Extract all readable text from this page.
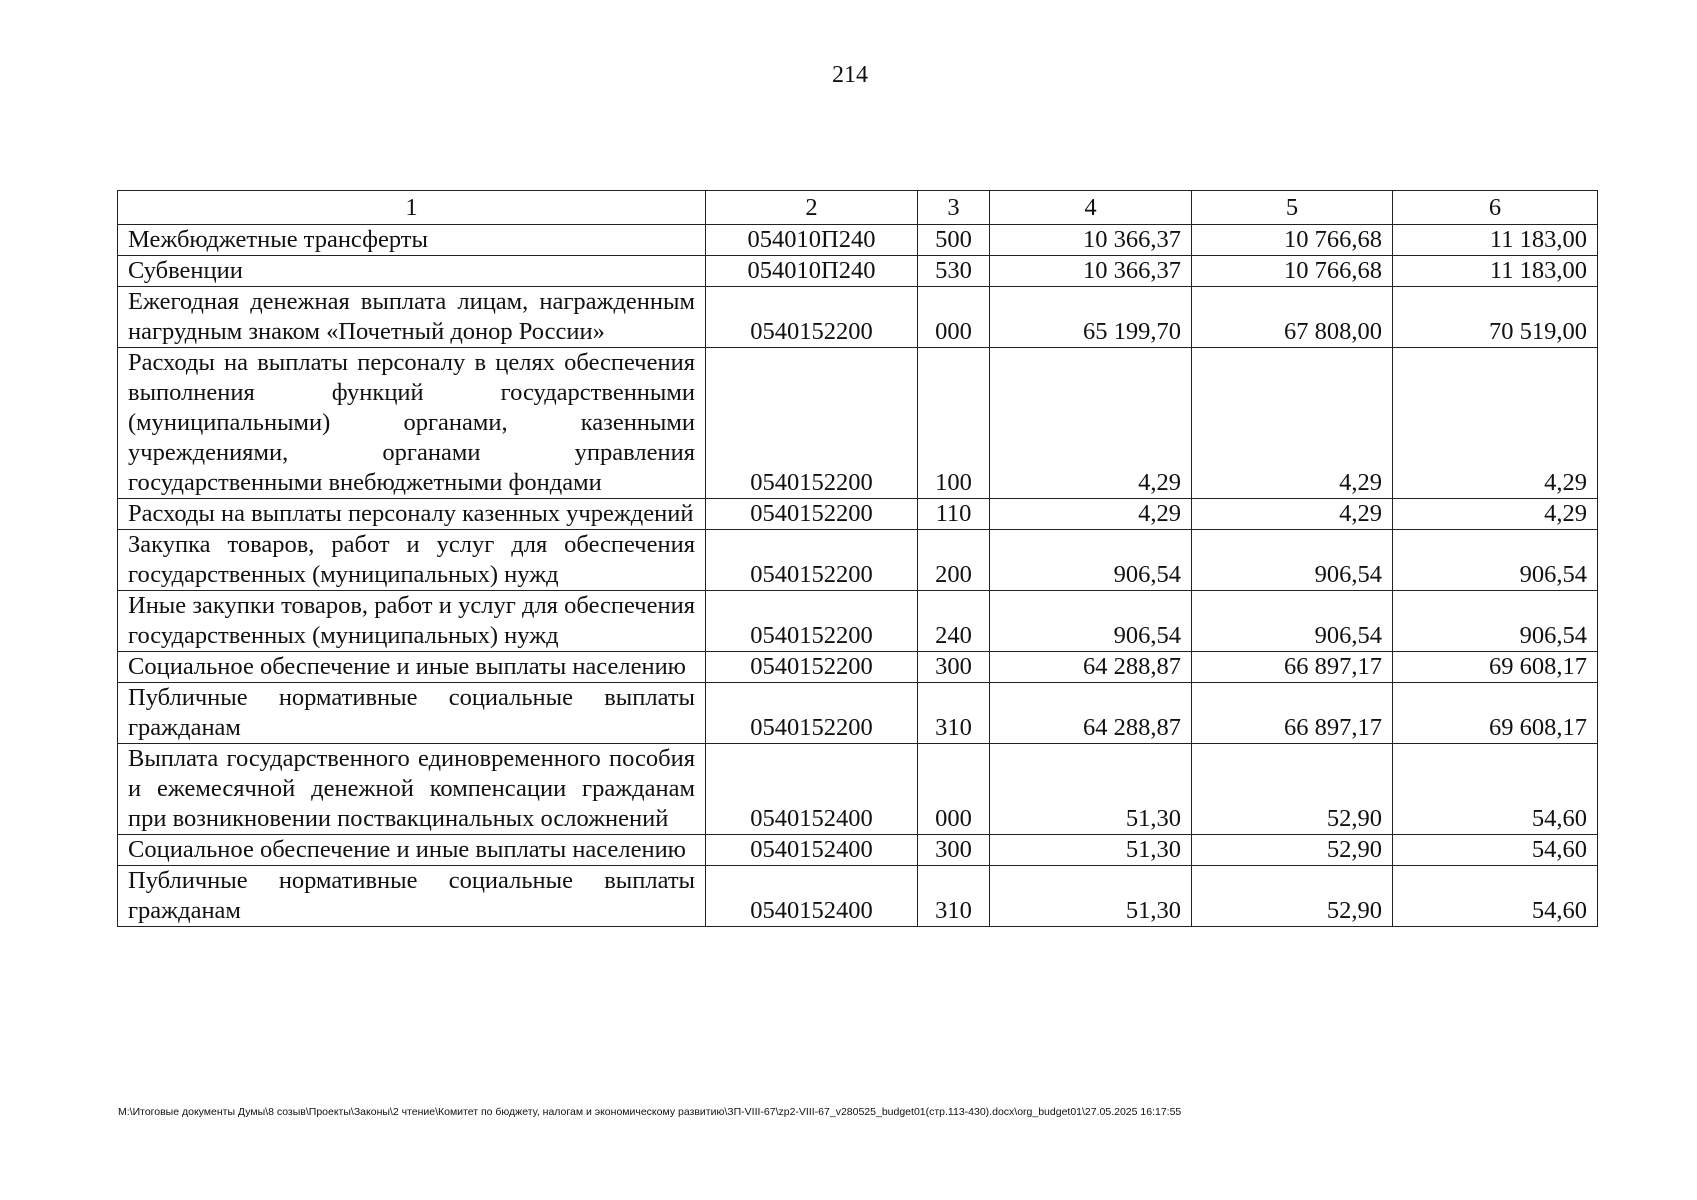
214
1	2	3	4	5	6
Межбюджетные трансферты	054010П240	500	10 366,37	10 766,68	11 183,00
Субвенции	054010П240	530	10 366,37	10 766,68	11 183,00
Ежегодная денежная выплата лицам, награжденным нагрудным знаком «Почетный донор России»	0540152200	000	65 199,70	67 808,00	70 519,00
Расходы на выплаты персоналу в целях обеспечения выполнения функций государственными (муниципальными) органами, казенными учреждениями, органами управления государственными внебюджетными фондами	0540152200	100	4,29	4,29	4,29
Расходы на выплаты персоналу казенных учреждений	0540152200	110	4,29	4,29	4,29
Закупка товаров, работ и услуг для обеспечения государственных (муниципальных) нужд	0540152200	200	906,54	906,54	906,54
Иные закупки товаров, работ и услуг для обеспечения государственных (муниципальных) нужд	0540152200	240	906,54	906,54	906,54
Социальное обеспечение и иные выплаты населению	0540152200	300	64 288,87	66 897,17	69 608,17
Публичные нормативные социальные выплаты гражданам	0540152200	310	64 288,87	66 897,17	69 608,17
Выплата государственного единовременного пособия и ежемесячной денежной компенсации гражданам при возникновении поствакцинальных осложнений	0540152400	000	51,30	52,90	54,60
Социальное обеспечение и иные выплаты населению	0540152400	300	51,30	52,90	54,60
Публичные нормативные социальные выплаты гражданам	0540152400	310	51,30	52,90	54,60
M:\Итоговые документы Думы\8 созыв\Проекты\Законы\2 чтение\Комитет по бюджету, налогам и экономическому развитию\ЗП-VIII-67\zp2-VIII-67_v280525_budget01(стр.113-430).docx\org_budget01\27.05.2025 16:17:55
